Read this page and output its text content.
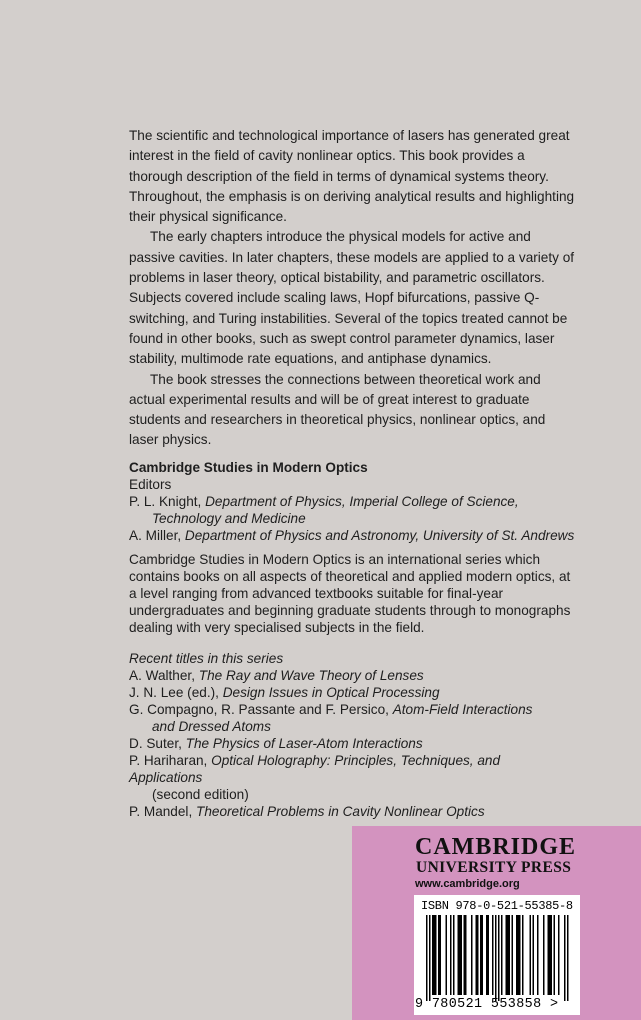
The scientific and technological importance of lasers has generated great interest in the field of cavity nonlinear optics. This book provides a thorough description of the field in terms of dynamical systems theory. Throughout, the emphasis is on deriving analytical results and highlighting their physical significance.

The early chapters introduce the physical models for active and passive cavities. In later chapters, these models are applied to a variety of problems in laser theory, optical bistability, and parametric oscillators. Subjects covered include scaling laws, Hopf bifurcations, passive Q-switching, and Turing instabilities. Several of the topics treated cannot be found in other books, such as swept control parameter dynamics, laser stability, multimode rate equations, and antiphase dynamics.

The book stresses the connections between theoretical work and actual experimental results and will be of great interest to graduate students and researchers in theoretical physics, nonlinear optics, and laser physics.

Cambridge Studies in Modern Optics

Editors

P. L. Knight, Department of Physics, Imperial College of Science,

Technology and Medicine

A. Miller, Department of Physics and Astronomy, University of St. Andrews

Cambridge Studies in Modern Optics is an international series which contains books on all aspects of theoretical and applied modern optics, at a level ranging from advanced textbooks suitable for final-year undergraduates and beginning graduate students through to monographs dealing with very specialised subjects in the field.

Recent titles in this series

A. Walther, The Ray and Wave Theory of Lenses

J. N. Lee (ed.), Design Issues in Optical Processing

G. Compagno, R. Passante and F. Persico, Atom-Field Interactions

and Dressed Atoms

D. Suter, The Physics of Laser-Atom Interactions

P. Hariharan, Optical Holography: Principles, Techniques, and Applications

(second edition)

P. Mandel, Theoretical Problems in Cavity Nonlinear Optics

CAMBRIDGE
UNIVERSITY PRESS
www.cambridge.org
ISBN 978-0-521-55385-8
9 780521 553858 >
